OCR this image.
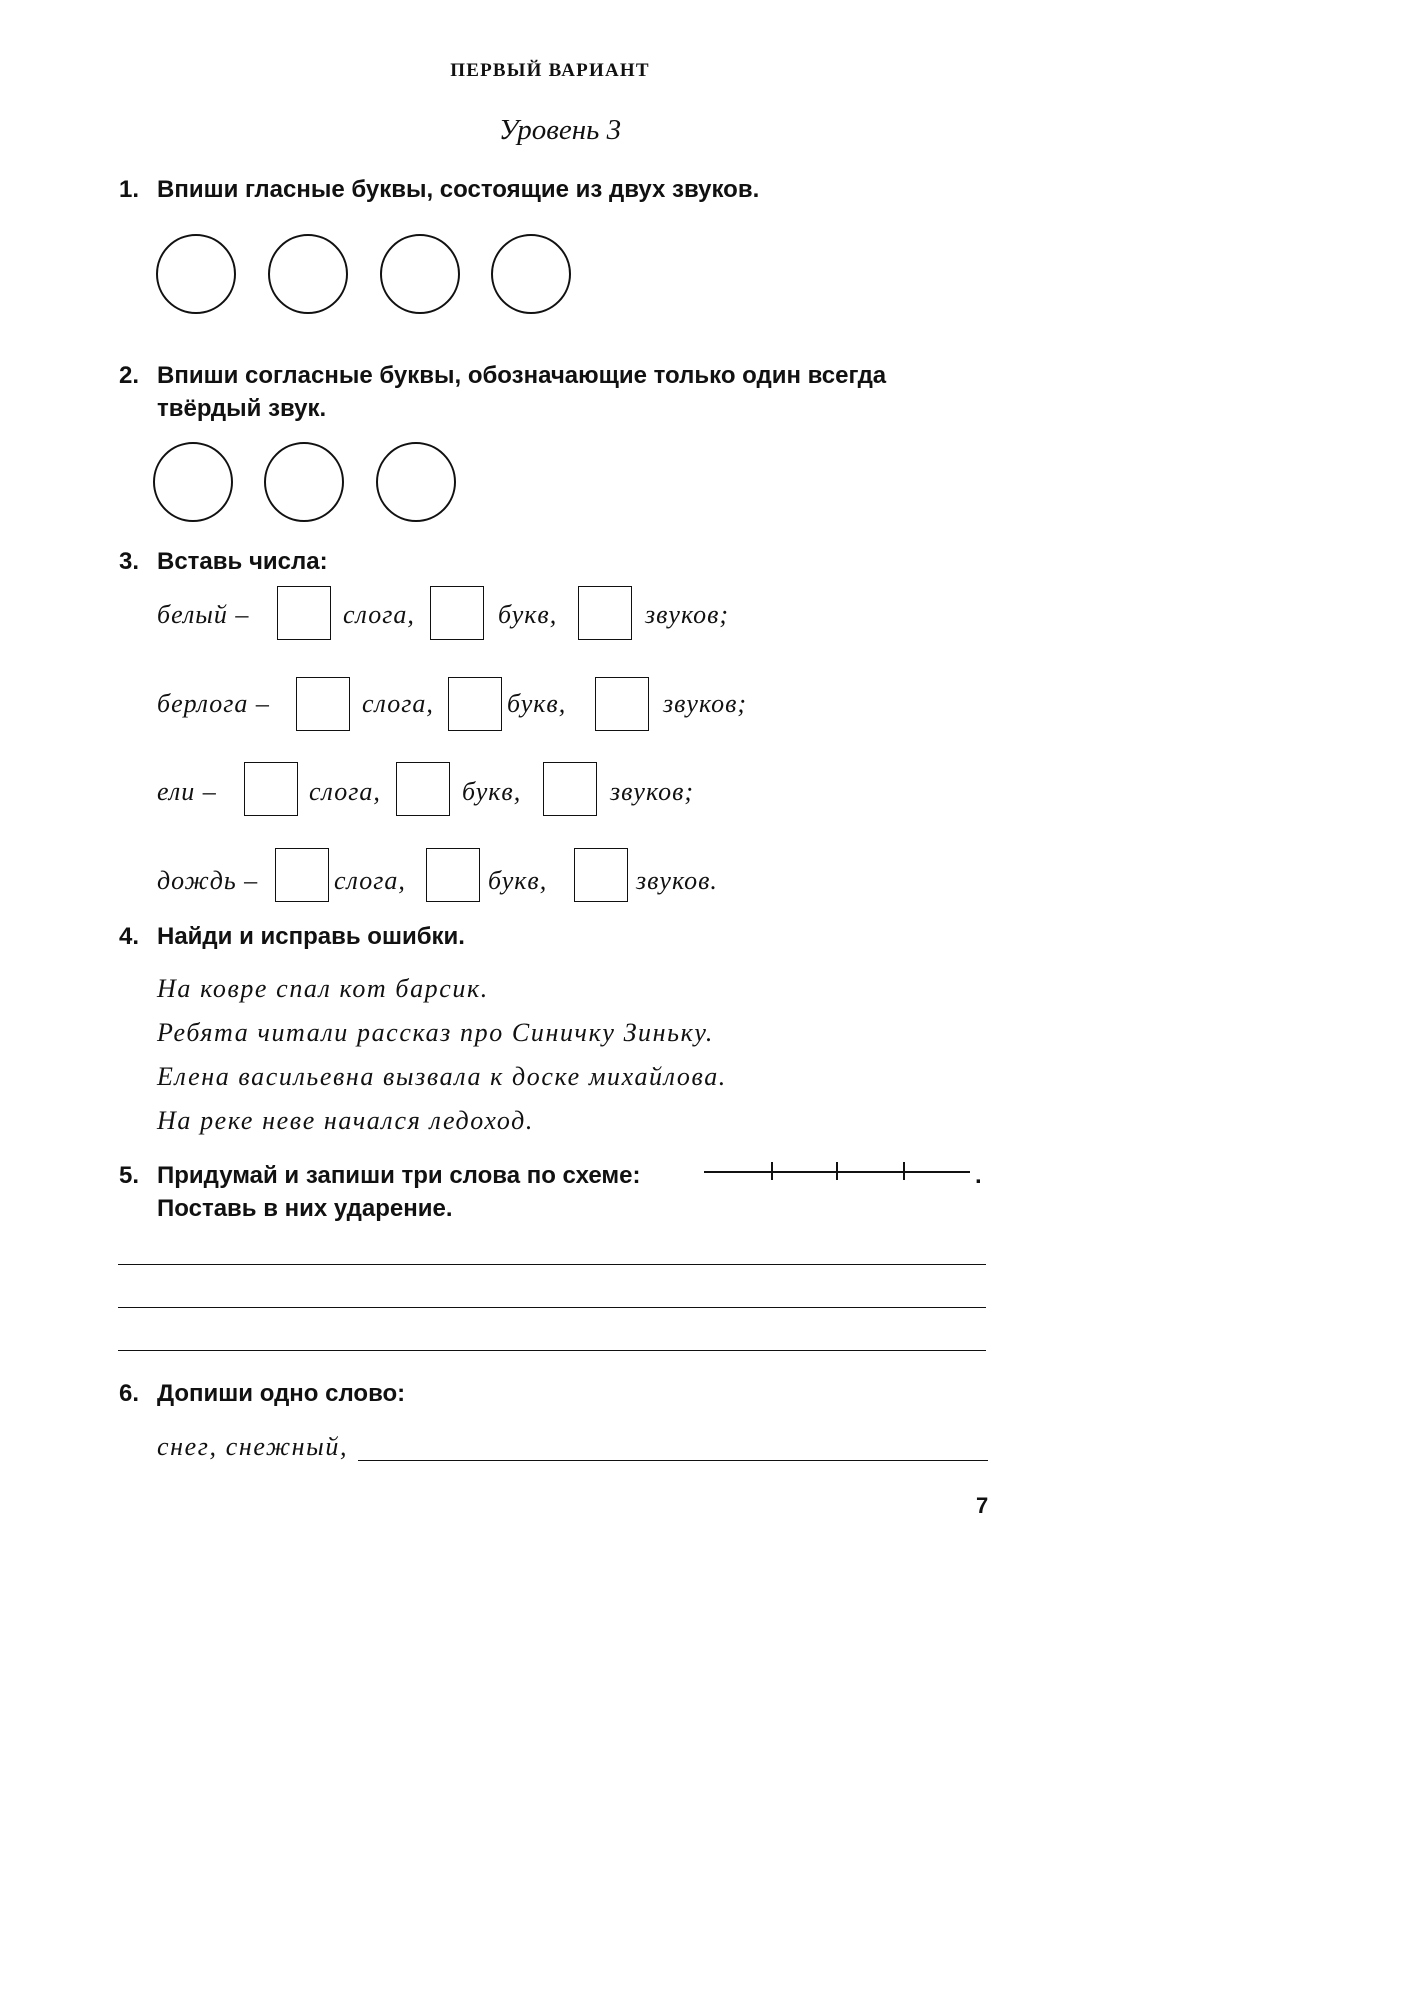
ПЕРВЫЙ ВАРИАНТ
Уровень 3
1. Впиши гласные буквы, состоящие из двух звуков.
2. Впиши согласные буквы, обозначающие только один всегда
твёрдый звук.
3. Вставь числа:
белый –	слога,	букв,	звуков;
берлога –	слога,	букв,	звуков;
ели –	слога,	букв,	звуков;
дождь –	слога,	букв,	звуков.
4. Найди и исправь ошибки.
На ковре спал кот барсик.
Ребята читали рассказ про Синичку Зиньку.
Елена васильевна вызвала к доске михайлова.
На реке неве начался ледоход.
5. Придумай и запиши три слова по схеме:
Поставь в них ударение.
.
6. Допиши одно слово:
снег, снежный,
7
